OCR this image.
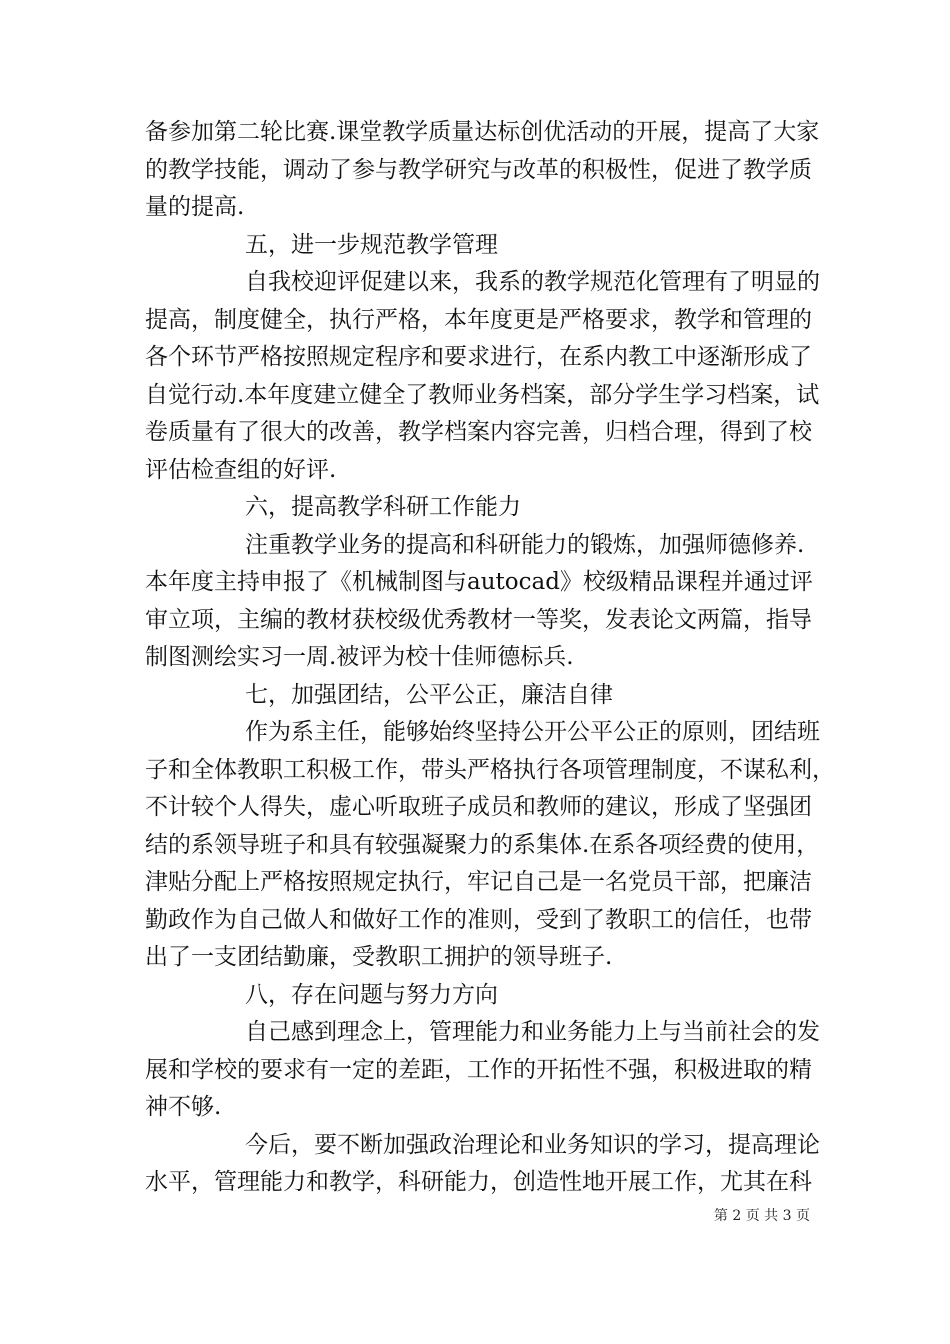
备参加第二轮比赛.课堂教学质量达标创优活动的开展，提高了大家
的教学技能，调动了参与教学研究与改革的积极性，促进了教学质
量的提高.
五，进一步规范教学管理
自我校迎评促建以来，我系的教学规范化管理有了明显的
提高，制度健全，执行严格，本年度更是严格要求，教学和管理的
各个环节严格按照规定程序和要求进行，在系内教工中逐渐形成了
自觉行动.本年度建立健全了教师业务档案，部分学生学习档案，试
卷质量有了很大的改善，教学档案内容完善，归档合理，得到了校
评估检查组的好评.
六，提高教学科研工作能力
注重教学业务的提高和科研能力的锻炼，加强师德修养.
本年度主持申报了《机械制图与autocad》校级精品课程并通过评
审立项，主编的教材获校级优秀教材一等奖，发表论文两篇，指导
制图测绘实习一周.被评为校十佳师德标兵.
七，加强团结，公平公正，廉洁自律
作为系主任，能够始终坚持公开公平公正的原则，团结班
子和全体教职工积极工作，带头严格执行各项管理制度，不谋私利，
不计较个人得失，虚心听取班子成员和教师的建议，形成了坚强团
结的系领导班子和具有较强凝聚力的系集体.在系各项经费的使用，
津贴分配上严格按照规定执行，牢记自己是一名党员干部，把廉洁
勤政作为自己做人和做好工作的准则，受到了教职工的信任，也带
出了一支团结勤廉，受教职工拥护的领导班子.
八，存在问题与努力方向
自己感到理念上，管理能力和业务能力上与当前社会的发
展和学校的要求有一定的差距，工作的开拓性不强，积极进取的精
神不够.
今后，要不断加强政治理论和业务知识的学习，提高理论
水平，管理能力和教学，科研能力，创造性地开展工作，尤其在科
第 2 页 共 3 页
